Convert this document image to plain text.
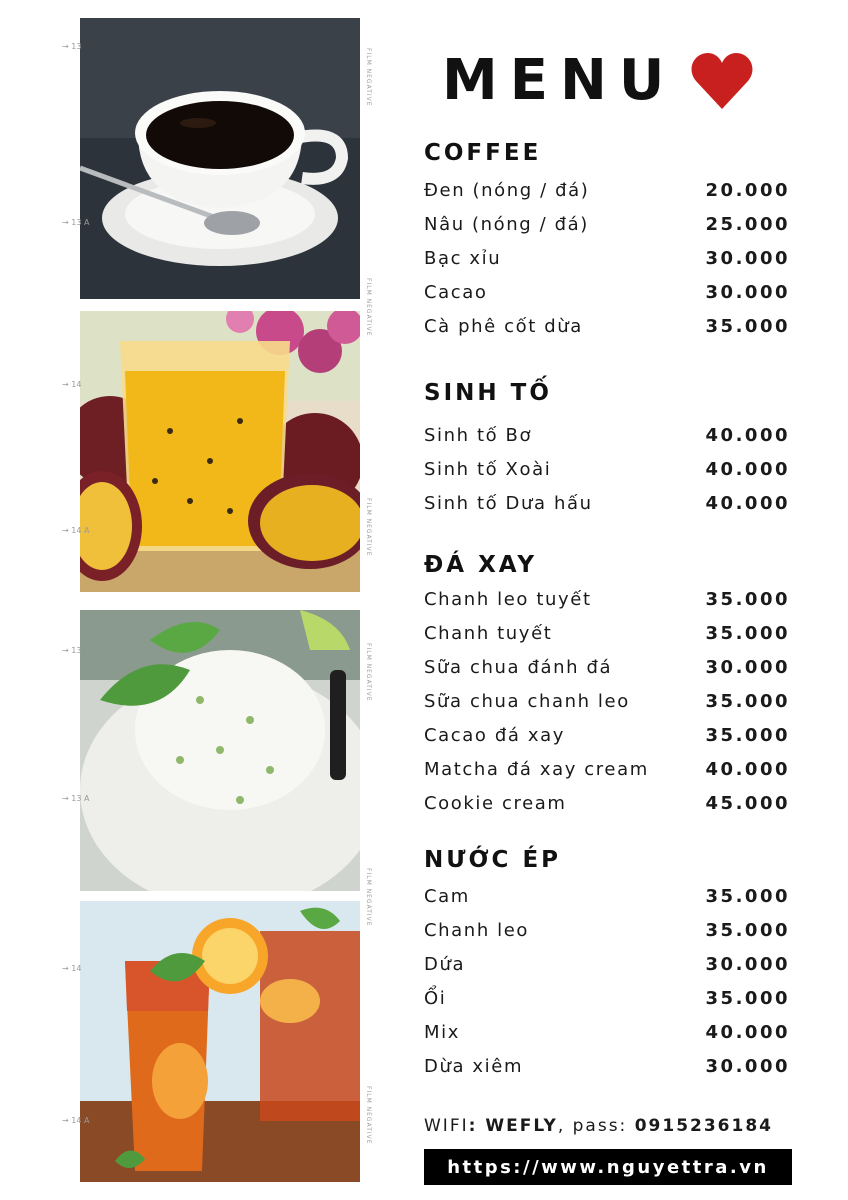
→ 13
→ 13 A
→ 14
→ 14 A
→ 13
→ 13 A
→ 14
→ 14 A
FILM NEGATIVE
FILM NEGATIVE
FILM NEGATIVE
FILM NEGATIVE
FILM NEGATIVE
FILM NEGATIVE
MENU
COFFEE
Đen (nóng / đá)	20.000
Nâu (nóng / đá)	25.000
Bạc xỉu	30.000
Cacao	30.000
Cà phê cốt dừa	35.000
SINH TỐ
Sinh tố Bơ	40.000
Sinh tố Xoài	40.000
Sinh tố Dưa hấu	40.000
ĐÁ XAY
Chanh leo tuyết	35.000
Chanh tuyết	35.000
Sữa chua đánh đá	30.000
Sữa chua chanh leo	35.000
Cacao đá xay	35.000
Matcha đá xay cream	40.000
Cookie cream	45.000
NƯỚC ÉP
Cam	35.000
Chanh leo	35.000
Dứa	30.000
Ổi	35.000
Mix	40.000
Dừa xiêm	30.000
WIFI: WEFLY, pass: 0915236184
https://www.nguyettra.vn
